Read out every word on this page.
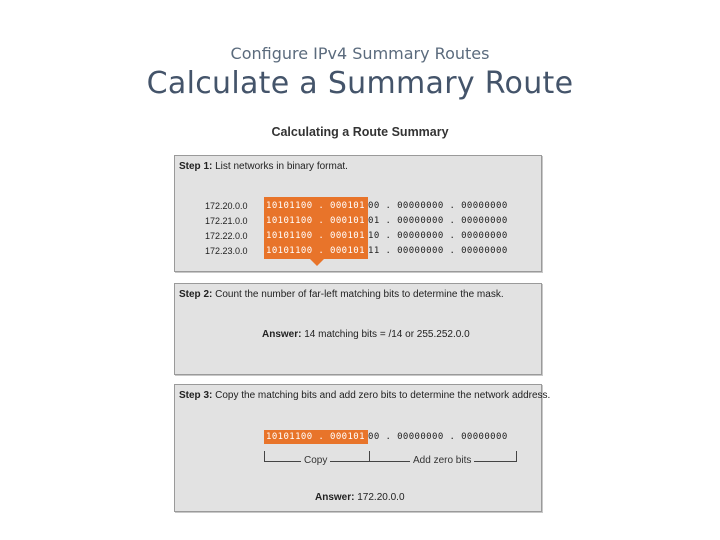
Configure IPv4 Summary Routes
Calculate a Summary Route
Calculating a Route Summary
Step 1: List networks in binary format.
172.20.0.0 10101100 . 000101 00 . 00000000 . 00000000
172.21.0.0 10101100 . 000101 01 . 00000000 . 00000000
172.22.0.0 10101100 . 000101 10 . 00000000 . 00000000
172.23.0.0 10101100 . 000101 11 . 00000000 . 00000000
Step 2: Count the number of far-left matching bits to determine the mask.
Answer: 14 matching bits = /14 or 255.252.0.0
Step 3: Copy the matching bits and add zero bits to determine the network address.
10101100 . 000101 00 . 00000000 . 00000000
Copy	Add zero bits
Answer: 172.20.0.0
